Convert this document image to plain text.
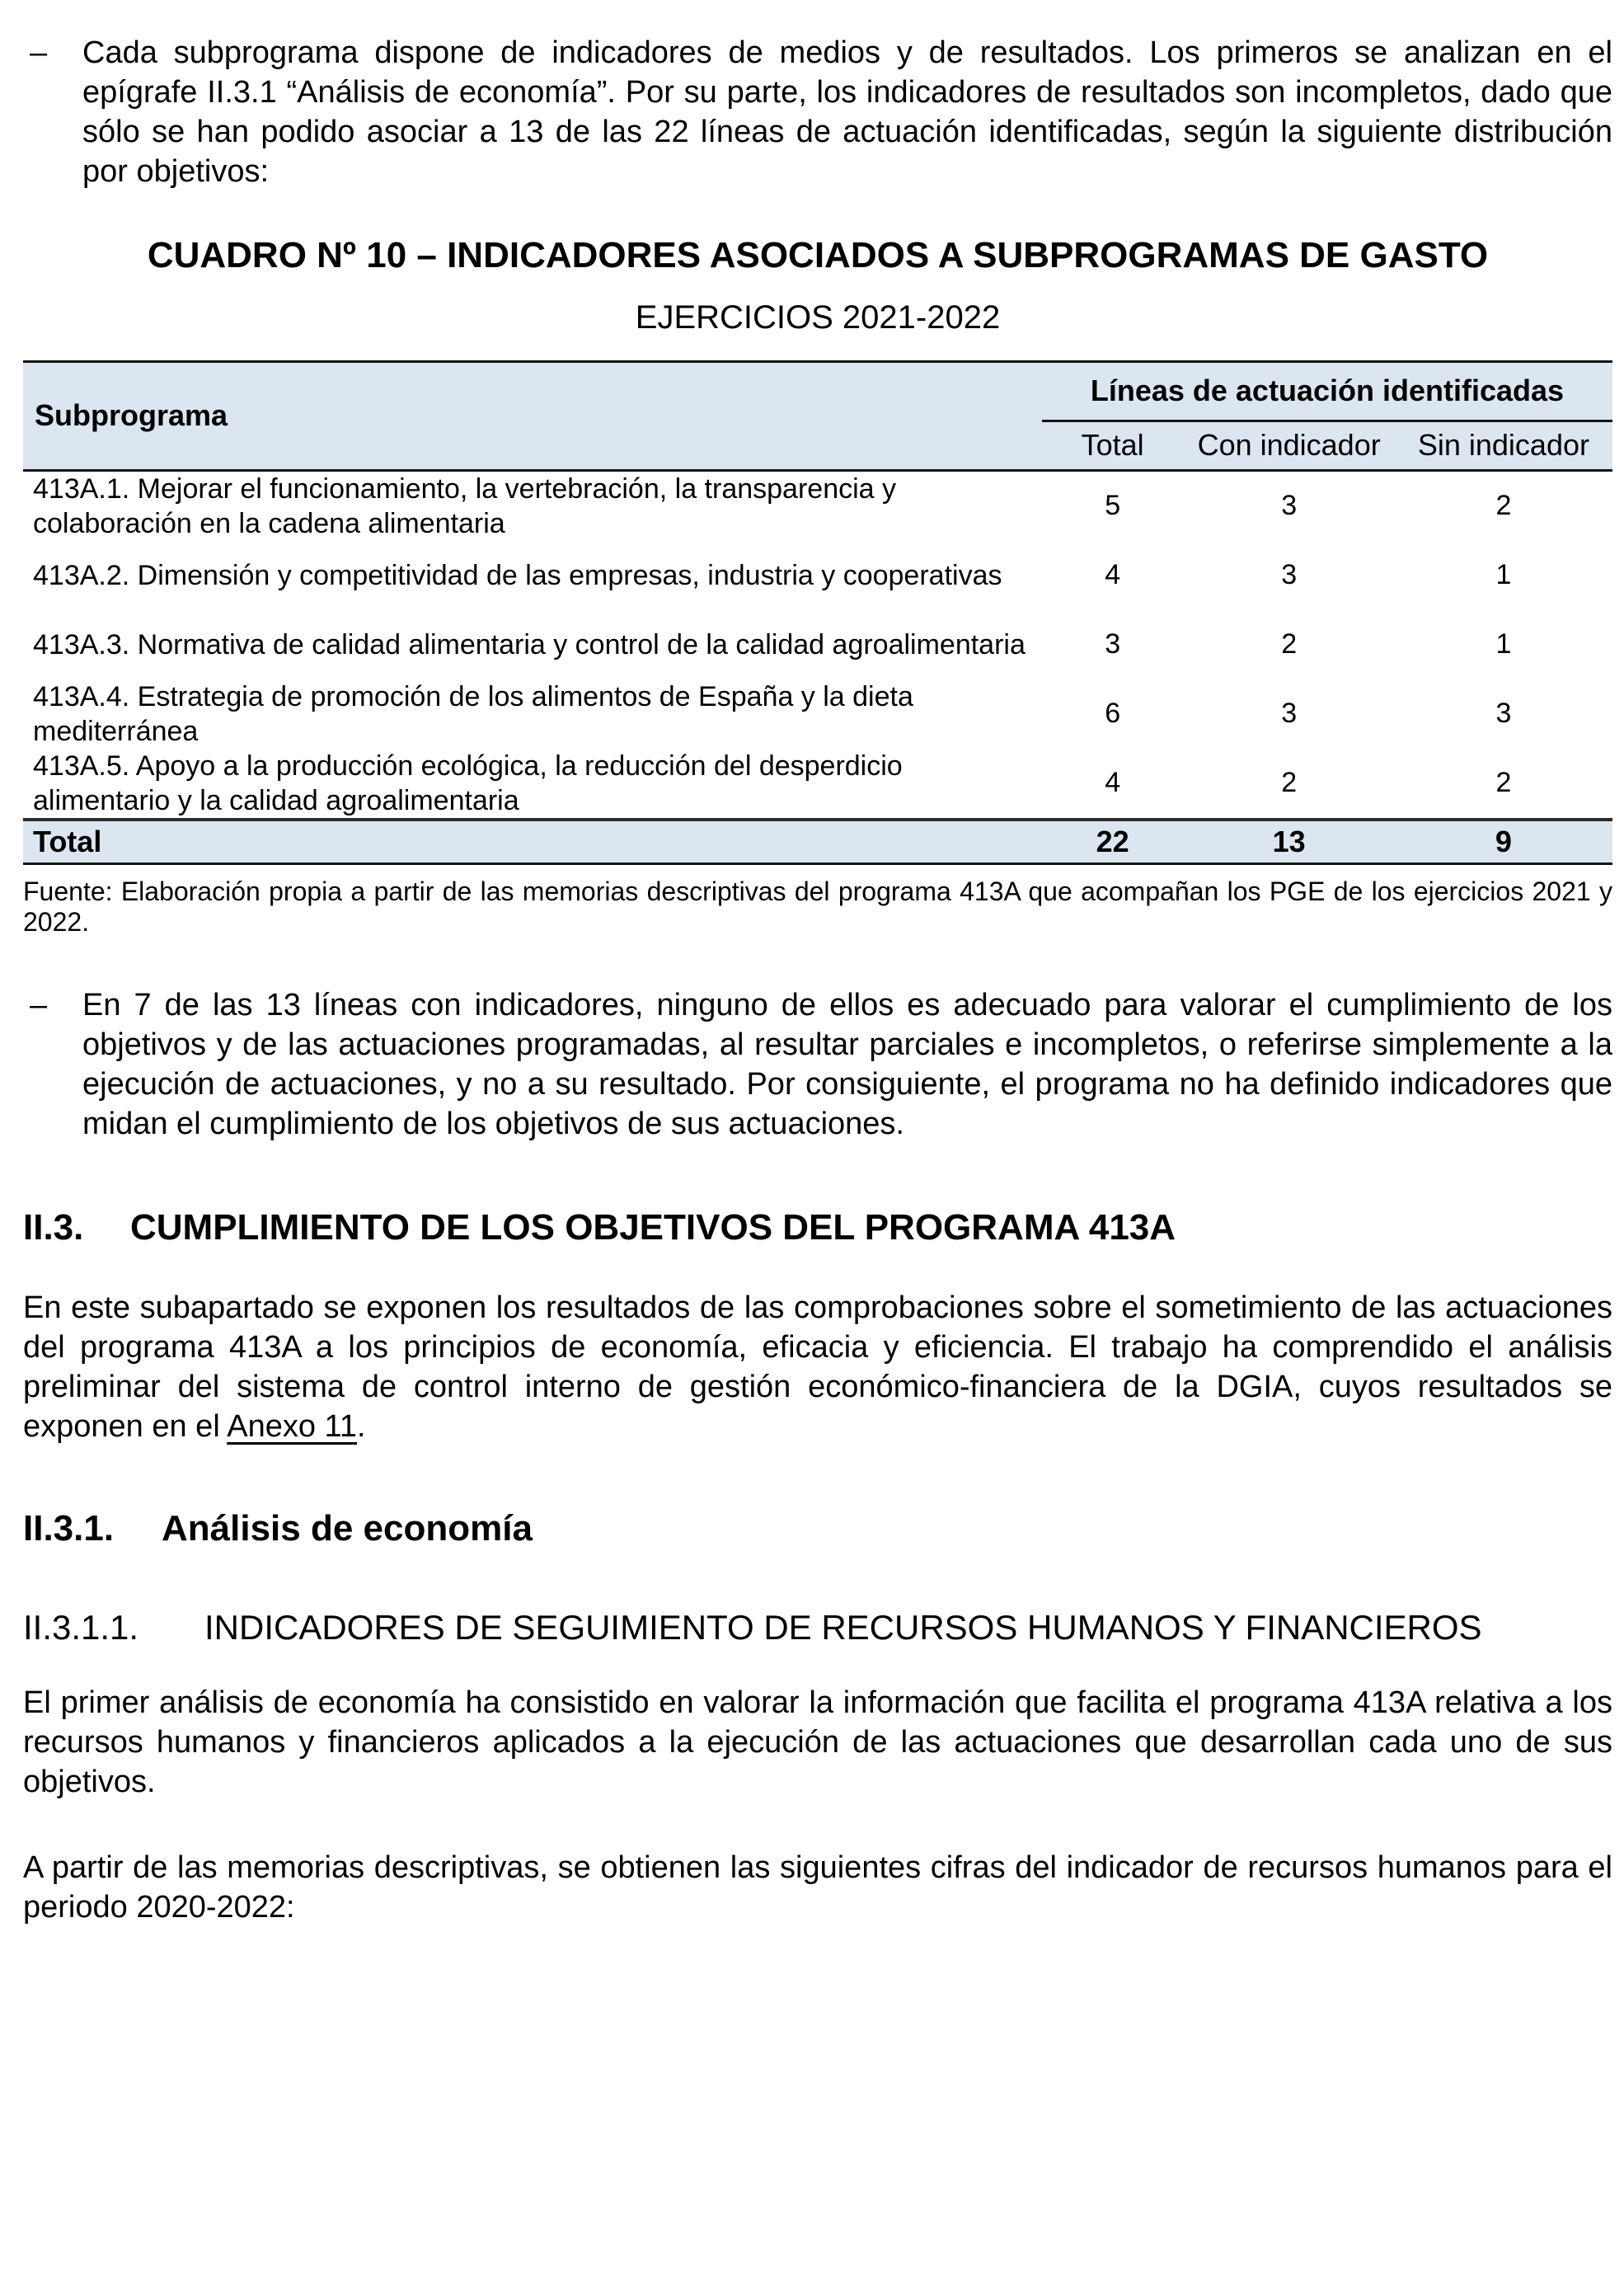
–	Cada subprograma dispone de indicadores de medios y de resultados. Los primeros se analizan en el epígrafe II.3.1 “Análisis de economía”. Por su parte, los indicadores de resultados son incompletos, dado que sólo se han podido asociar a 13 de las 22 líneas de actuación identificadas, según la siguiente distribución por objetivos:
CUADRO Nº 10 – INDICADORES ASOCIADOS A SUBPROGRAMAS DE GASTO
EJERCICIOS 2021-2022
Subprograma	Líneas de actuación identificadas		
	Total	Con indicador	Sin indicador
413A.1. Mejorar el funcionamiento, la vertebración, la transparencia y colaboración en la cadena alimentaria	5	3	2
413A.2. Dimensión y competitividad de las empresas, industria y cooperativas	4	3	1
413A.3. Normativa de calidad alimentaria y control de la calidad agroalimentaria	3	2	1
413A.4. Estrategia de promoción de los alimentos de España y la dieta mediterránea	6	3	3
413A.5. Apoyo a la producción ecológica, la reducción del desperdicio alimentario y la calidad agroalimentaria	4	2	2
Total	22	13	9
Fuente: Elaboración propia a partir de las memorias descriptivas del programa 413A que acompañan los PGE de los ejercicios 2021 y 2022.
–	En 7 de las 13 líneas con indicadores, ninguno de ellos es adecuado para valorar el cumplimiento de los objetivos y de las actuaciones programadas, al resultar parciales e incompletos, o referirse simplemente a la ejecución de actuaciones, y no a su resultado. Por consiguiente, el programa no ha definido indicadores que midan el cumplimiento de los objetivos de sus actuaciones.
II.3.	CUMPLIMIENTO DE LOS OBJETIVOS DEL PROGRAMA 413A

En este subapartado se exponen los resultados de las comprobaciones sobre el sometimiento de las actuaciones del programa 413A a los principios de economía, eficacia y eficiencia. El trabajo ha comprendido el análisis preliminar del sistema de control interno de gestión económico-financiera de la DGIA, cuyos resultados se exponen en el Anexo 11.

II.3.1.	Análisis de economía
II.3.1.1.	INDICADORES DE SEGUIMIENTO DE RECURSOS HUMANOS Y FINANCIEROS

El primer análisis de economía ha consistido en valorar la información que facilita el programa 413A relativa a los recursos humanos y financieros aplicados a la ejecución de las actuaciones que desarrollan cada uno de sus objetivos.

A partir de las memorias descriptivas, se obtienen las siguientes cifras del indicador de recursos humanos para el periodo 2020-2022:
